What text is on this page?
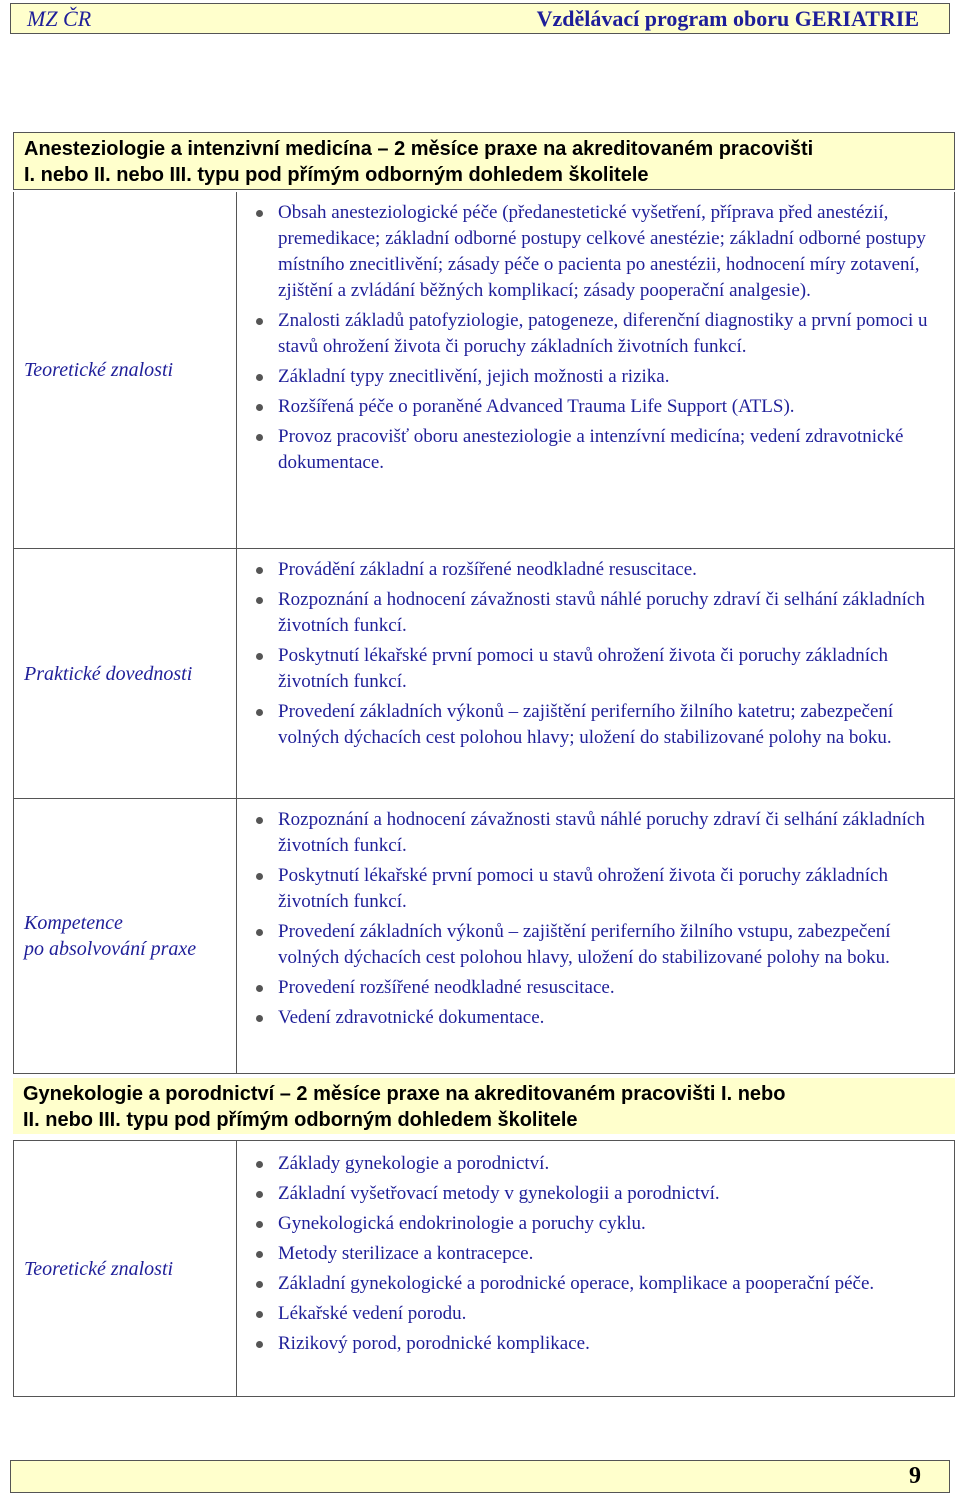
MZ ČR	Vzdělávací program oboru GERIATRIE
Anesteziologie a intenzivní medicína – 2 měsíce praxe na akreditovaném pracovišti
I. nebo II. nebo III. typu pod přímým odborným dohledem školitele
Teoretické znalosti
Obsah anesteziologické péče (předanestetické vyšetření, příprava před anestézií, premedikace; základní odborné postupy celkové anestézie; základní odborné postupy místního znecitlivění; zásady péče o pacienta po anestézii, hodnocení míry zotavení, zjištění a zvládání běžných komplikací; zásady pooperační analgesie).
Znalosti základů patofyziologie, patogeneze, diferenční diagnostiky a první pomoci u stavů ohrožení života či poruchy základních životních funkcí.
Základní typy znecitlivění, jejich možnosti a rizika.
Rozšířená péče o poraněné Advanced Trauma Life Support (ATLS).
Provoz pracovišť oboru anesteziologie a intenzívní medicína; vedení zdravotnické dokumentace.
Praktické dovednosti
Provádění základní a rozšířené neodkladné resuscitace.
Rozpoznání a hodnocení závažnosti stavů náhlé poruchy zdraví či selhání základních životních funkcí.
Poskytnutí lékařské první pomoci u stavů ohrožení života či poruchy základních životních funkcí.
Provedení základních výkonů – zajištění periferního žilního katetru; zabezpečení volných dýchacích cest polohou hlavy; uložení do stabilizované polohy na boku.
Kompetence
po absolvování praxe
Rozpoznání a hodnocení závažnosti stavů náhlé poruchy zdraví či selhání základních životních funkcí.
Poskytnutí lékařské první pomoci u stavů ohrožení života či poruchy základních životních funkcí.
Provedení základních výkonů – zajištění periferního žilního vstupu, zabezpečení volných dýchacích cest polohou hlavy, uložení do stabilizované polohy na boku.
Provedení rozšířené neodkladné resuscitace.
Vedení zdravotnické dokumentace.
Gynekologie a porodnictví – 2 měsíce praxe na akreditovaném pracovišti I. nebo
II. nebo III. typu pod přímým odborným dohledem školitele
Teoretické znalosti
Základy gynekologie a porodnictví.
Základní vyšetřovací metody v gynekologii a porodnictví.
Gynekologická endokrinologie a poruchy cyklu.
Metody sterilizace a kontracepce.
Základní gynekologické a porodnické operace, komplikace a pooperační péče.
Lékařské vedení porodu.
Rizikový porod, porodnické komplikace.
9
